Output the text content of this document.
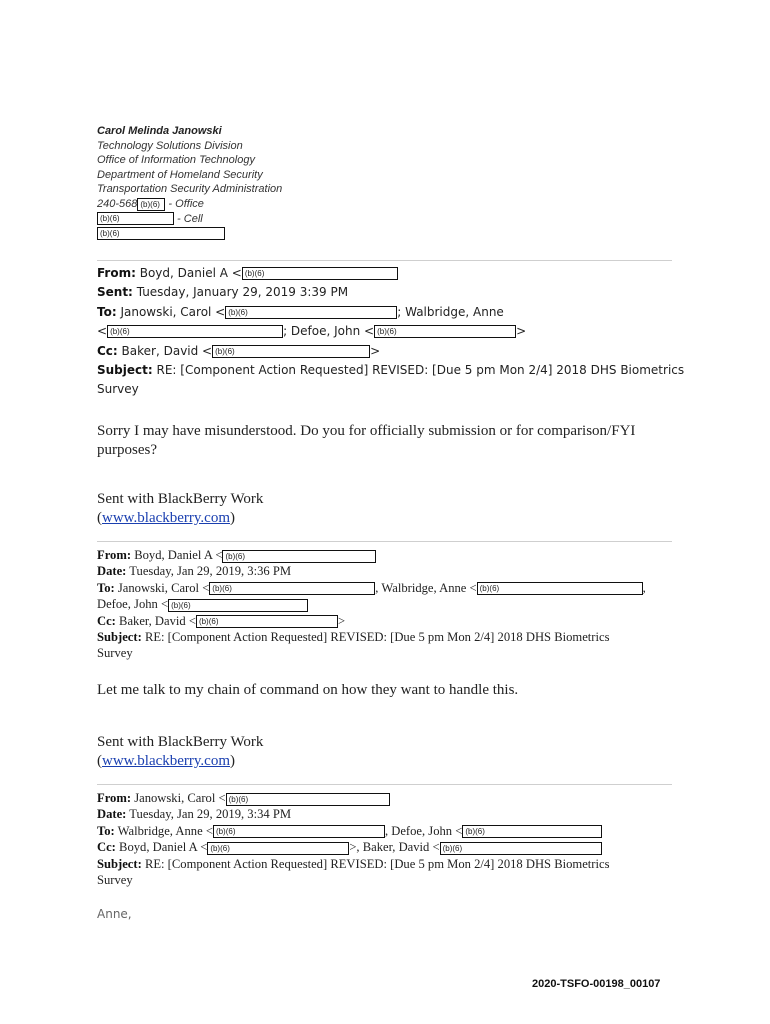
Carol Melinda Janowski
Technology Solutions Division
Office of Information Technology
Department of Homeland Security
Transportation Security Administration
240-568 (b)(6) - Office
(b)(6)	- Cell
(b)(6)
From: Boyd, Daniel A < (b)(6)
Sent: Tuesday, January 29, 2019 3:39 PM
To: Janowski, Carol < (b)(6)	; Walbridge, Anne
< (b)(6)	; Defoe, John < (b)(6)	>
Cc: Baker, David < (b)(6)	>
Subject: RE: [Component Action Requested] REVISED: [Due 5 pm Mon 2/4] 2018 DHS Biometrics
Survey
Sorry I may have misunderstood. Do you for officially submission or for comparison/FYI
purposes?
Sent with BlackBerry Work
(www.blackberry.com)
From: Boyd, Daniel A < (b)(6)
Date: Tuesday, Jan 29, 2019, 3:36 PM
To: Janowski, Carol < (b)(6)	, Walbridge, Anne < (b)(6)	,
Defoe, John < (b)(6)
Cc: Baker, David < (b)(6)	>
Subject: RE: [Component Action Requested] REVISED: [Due 5 pm Mon 2/4] 2018 DHS Biometrics
Survey
Let me talk to my chain of command on how they want to handle this.
Sent with BlackBerry Work
(www.blackberry.com)
From: Janowski, Carol < (b)(6)
Date: Tuesday, Jan 29, 2019, 3:34 PM
To: Walbridge, Anne < (b)(6)	, Defoe, John < (b)(6)
Cc: Boyd, Daniel A < (b)(6)	>, Baker, David < (b)(6)
Subject: RE: [Component Action Requested] REVISED: [Due 5 pm Mon 2/4] 2018 DHS Biometrics
Survey
Anne,
2020-TSFO-00198_00107
